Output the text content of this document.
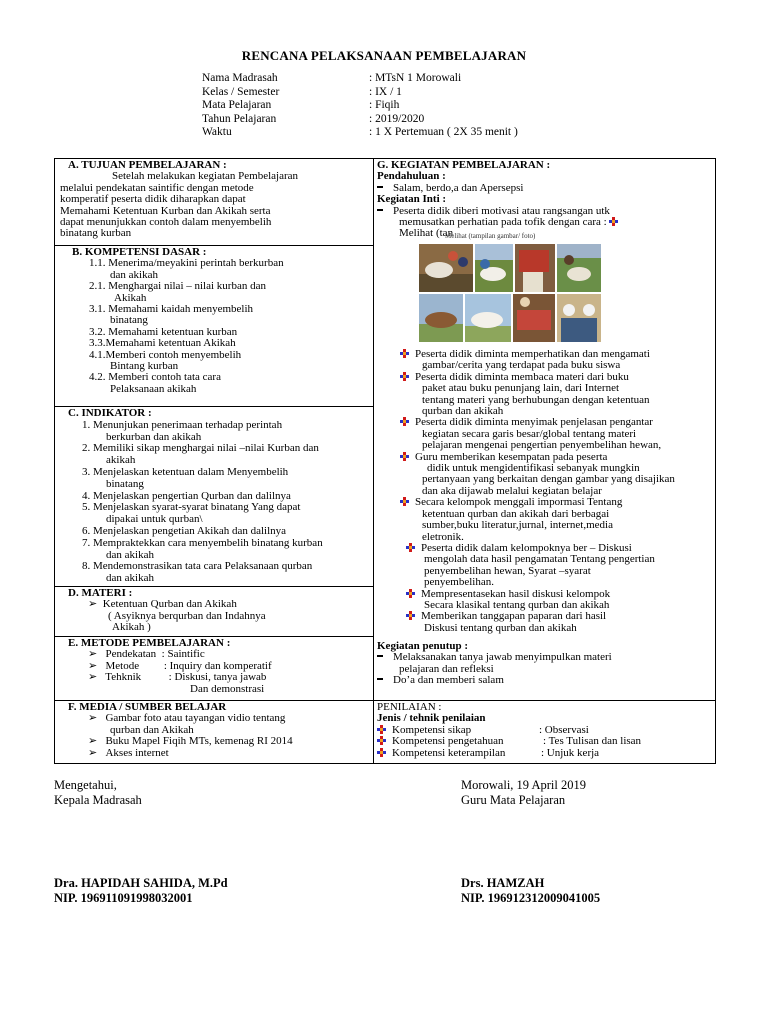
RENCANA PELAKSANAAN PEMBELAJARAN
Nama Madrasah	: MTsN 1 Morowali
Kelas / Semester	: IX / 1
Mata Pelajaran	: Fiqih
Tahun Pelajaran	: 2019/2020
Waktu	: 1 X Pertemuan ( 2X 35 menit )
A. TUJUAN PEMBELAJARAN :
Setelah melakukan kegiatan Pembelajaran
melalui pendekatan saintific dengan metode
komperatif peserta didik diharapkan dapat
Memahami Ketentuan Kurban dan Akikah serta
dapat menunjukkan contoh dalam menyembelih
binatang kurban
B. KOMPETENSI DASAR :
1.1. Menerima/meyakini perintah berkurban
dan akikah
2.1. Menghargai nilai – nilai kurban dan
Akikah
3.1. Memahami kaidah menyembelih
binatang
3.2. Memahami ketentuan kurban
3.3.Memahami ketentuan Akikah
4.1.Memberi contoh menyembelih
Bintang kurban
4.2. Memberi contoh tata cara
Pelaksanaan akikah
C. INDIKATOR :
1. Menunjukan penerimaan terhadap perintah
berkurban dan akikah
2. Memiliki sikap menghargai nilai –nilai Kurban dan
akikah
3. Menjelaskan ketentuan dalam Menyembelih
binatang
4. Menjelaskan pengertian Qurban dan dalilnya
5. Menjelaskan syarat-syarat binatang Yang dapat
dipakai untuk qurban\
6. Menjelaskan pengetian Akikah dan dalilnya
7. Mempraktekkan cara menyembelih binatang kurban
dan akikah
8. Mendemonstrasikan tata cara Pelaksanaan qurban
dan akikah
D. MATERI :
➢ Ketentuan Qurban dan Akikah
( Asyiknya berqurban dan Indahnya
Akikah )
E. METODE PEMBELAJARAN :
➢ Pendekatan  : Saintific
➢ Metode         : Inquiry dan komperatif
➢ Tehknik          : Diskusi, tanya jawab
Dan demonstrasi
F. MEDIA / SUMBER BELAJAR
➢ Gambar foto atau tayangan vidio tentang
qurban dan Akikah
➢ Buku Mapel Fiqih MTs, kemenag RI 2014
➢ Akses internet
G. KEGIATAN PEMBELAJARAN :
Pendahuluan :
Salam, berdo,a dan Apersepsi
Kegiatan Inti :
Peserta didik diberi motivasi atau rangsangan utk
memusatkan perhatian pada tofik dengan cara :
Melihat (tan
Melihat (tampilan gambar/ foto)
Peserta didik diminta memperhatikan dan mengamati
gambar/cerita yang terdapat pada buku siswa
Peserta didik diminta membaca materi dari buku
paket atau buku penunjang lain, dari Internet
tentang materi yang berhubungan dengan ketentuan
qurban dan akikah
Peserta didik diminta menyimak penjelasan pengantar
kegiatan secara garis besar/global tentang materi
pelajaran mengenai pengertian penyembelihan hewan,
Guru memberikan kesempatan pada peserta
didik untuk mengidentifikasi sebanyak mungkin
pertanyaan yang berkaitan dengan gambar yang disajikan
dan aka dijawab melalui kegiatan belajar
Secara kelompok menggali impormasi Tentang
ketentuan qurban dan akikah dari berbagai
sumber,buku literatur,jurnal, internet,media
eletronik.
Peserta didik dalam kelompoknya ber – Diskusi
mengolah data hasil pengamatan Tentang pengertian
penyembelihan hewan, Syarat –syarat
penyembelihan.
Mempresentasekan hasil diskusi kelompok
Secara klasikal tentang qurban dan akikah
Memberikan tanggapan paparan dari hasil
Diskusi tentang qurban dan akikah
Kegiatan penutup :
Melaksanakan tanya jawab menyimpulkan materi
pelajaran dan refleksi
Do’a dan memberi salam
PENILAIAN :
Jenis / tehnik penilaian
Kompetensi sikap	: Observasi
Kompetensi pengetahuan	: Tes Tulisan dan lisan
Kompetensi keterampilan	: Unjuk kerja
Mengetahui,
Kepala Madrasah
Dra. HAPIDAH SAHIDA, M.Pd
NIP. 196911091998032001
Morowali, 19 April 2019
Guru Mata Pelajaran
Drs. HAMZAH
NIP. 196912312009041005
